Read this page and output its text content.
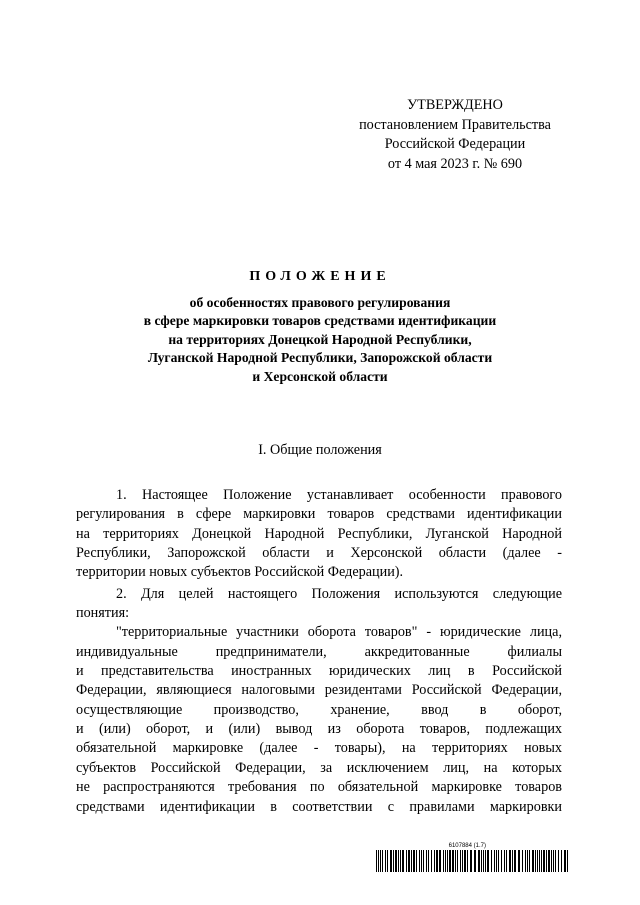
УТВЕРЖДЕНО
постановлением Правительства
Российской Федерации
от 4 мая 2023 г. № 690
ПОЛОЖЕНИЕ
об особенностях правового регулирования
в сфере маркировки товаров средствами идентификации
на территориях Донецкой Народной Республики,
Луганской Народной Республики, Запорожской области
и Херсонской области
I. Общие положения
1. Настоящее Положение устанавливает особенности правового
регулирования в сфере маркировки товаров средствами идентификации
на территориях Донецкой Народной Республики, Луганской Народной
Республики, Запорожской области и Херсонской области (далее -
территории новых субъектов Российской Федерации).
2. Для целей настоящего Положения используются следующие
понятия:
"территориальные участники оборота товаров" - юридические лица,
индивидуальные предприниматели, аккредитованные филиалы
и представительства иностранных юридических лиц в Российской
Федерации, являющиеся налоговыми резидентами Российской Федерации,
осуществляющие производство, хранение, ввод в оборот,
и (или) оборот, и (или) вывод из оборота товаров, подлежащих
обязательной маркировке (далее - товары), на территориях новых
субъектов Российской Федерации, за исключением лиц, на которых
не распространяются требования по обязательной маркировке товаров
средствами идентификации в соответствии с правилами маркировки
6107884 (1.7)
